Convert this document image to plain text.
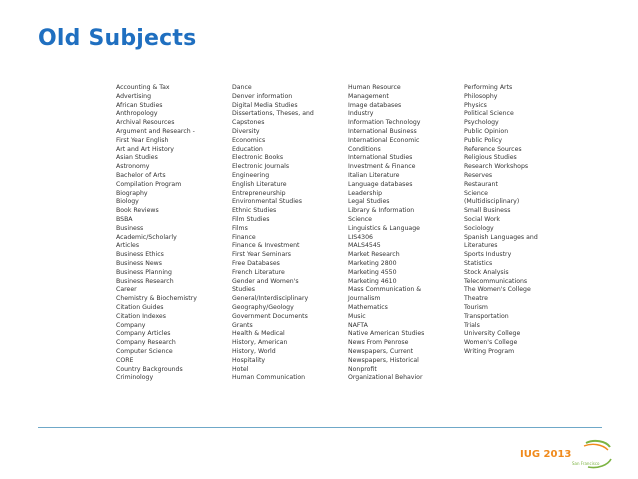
Old Subjects
Accounting & Tax
Advertising
African Studies
Anthropology
Archival Resources
Argument and Research -
First Year English
Art and Art History
Asian Studies
Astronomy
Bachelor of Arts
Compilation Program
Biography
Biology
Book Reviews
BSBA
Business
Academic/Scholarly
Articles
Business Ethics
Business News
Business Planning
Business Research
Career
Chemistry & Biochemistry
Citation Guides
Citation Indexes
Company
Company Articles
Company Research
Computer Science
CORE
Country Backgrounds
Criminology
Dance
Denver information
Digital Media Studies
Dissertations, Theses, and
Capstones
Diversity
Economics
Education
Electronic Books
Electronic Journals
Engineering
English Literature
Entrepreneurship
Environmental Studies
Ethnic Studies
Film Studies
Films
Finance
Finance & Investment
First Year Seminars
Free Databases
French Literature
Gender and Women's
Studies
General/Interdisciplinary
Geography/Geology
Government Documents
Grants
Health & Medical
History, American
History, World
Hospitality
Hotel
Human Communication
Human Resource
Management
Image databases
Industry
Information Technology
International Business
International Economic
Conditions
International Studies
Investment & Finance
Italian Literature
Language databases
Leadership
Legal Studies
Library & Information
Science
Linguistics & Language
LIS4306
MALS4545
Market Research
Marketing 2800
Marketing 4550
Marketing 4610
Mass Communication &
Journalism
Mathematics
Music
NAFTA
Native American Studies
News From Penrose
Newspapers, Current
Newspapers, Historical
Nonprofit
Organizational Behavior
Performing Arts
Philosophy
Physics
Political Science
Psychology
Public Opinion
Public Policy
Reference Sources
Religious Studies
Research Workshops
Reserves
Restaurant
Science
(Multidisciplinary)
Small Business
Social Work
Sociology
Spanish Languages and
Literatures
Sports Industry
Statistics
Stock Analysis
Telecommunications
The Women's College
Theatre
Tourism
Transportation
Trials
University College
Women's College
Writing Program
IUG 2013
San Francisco
